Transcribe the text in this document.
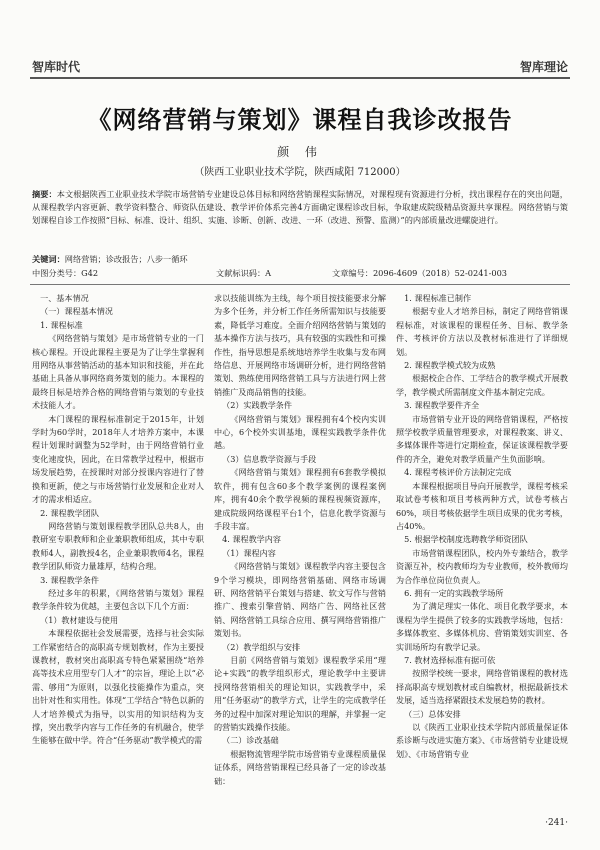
智库时代	智库理论
《网络营销与策划》课程自我诊改报告
颜 伟
（陕西工业职业技术学院，陕西咸阳 712000）
摘要：本文根据陕西工业职业技术学院市场营销专业建设总体目标和网络营销课程实际情况，对课程现有资源进行分析，找出课程存在的突出问题，从课程教学内容更新、教学资料整合、师资队伍建设、教学评价体系完善4方面确定课程诊改目标，争取建成院级精品资源共享课程。网络营销与策划课程自诊工作按照“目标、标准、设计、组织、实施、诊断、创新、改进、一环（改进、预警、监测）”的内部质量改进螺旋进行。
关键词：网络营销；诊改报告；八步一循环
中图分类号：G42	文献标识码：A	文章编号：2096-4609（2018）52-0241-003

一、基本情况

（一）课程基本情况

1. 课程标准

《网络营销与策划》是市场营销专业的一门核心课程。开设此课程主要是为了让学生掌握利用网络从事营销活动的基本知识和技能，并在此基础上具备从事网络商务策划的能力。本课程的最终目标是培养合格的网络营销与策划的专业技术技能人才。

本门课程的课程标准制定于2015年，计划学时为60学时，2018年人才培养方案中，本课程计划课时调整为52学时，由于网络营销行业变化速度快，因此，在日常教学过程中，根据市场发展趋势，在授课时对部分授课内容进行了替换和更新，使之与市场营销行业发展和企业对人才的需求相适应。

2. 课程教学团队

网络营销与策划课程教学团队总共8人，由教研室专职教师和企业兼职教师组成，其中专职教师4人，副教授4名，企业兼职教师4名，课程教学团队师资力量雄厚，结构合理。

3. 课程教学条件

经过多年的积累，《网络营销与策划》课程教学条件较为优越，主要包含以下几个方面：

（1）教材建设与使用

本课程依据社会发展需要，选择与社会实际工作紧密结合的高职高专规划教材，作为主要授课教材，教材突出高职高专特色紧紧围绕“培养高等技术应用型专门人才”的宗旨，理论上以“必需、够用”为原则，以强化技能操作为重点，突出针对性和实用性。体现“工学结合”特色以新的人才培养模式为指导，以实用的知识结构为支撑，突出教学内容与工作任务的有机融合，使学生能够在做中学。符合“任务驱动”教学模式的需

求以技能训练为主线，每个项目按技能要求分解为多个任务，并分析工作任务所需知识与技能要素，降低学习难度。全面介绍网络营销与策划的基本操作方法与技巧，具有较强的实践性和可操作性，指导思想是系统地培养学生收集与发布网络信息、开展网络市场调研分析，进行网络营销策划、熟练使用网络营销工具与方法进行网上营销推广及商品销售的技能。

（2）实践教学条件

《网络营销与策划》课程拥有4个校内实训中心，6个校外实训基地，课程实践教学条件优越。

（3）信息教学资源与手段

《网络营销与策划》课程拥有6套教学模拟软件，拥有包含60多个教学案例的课程案例库，拥有40余个教学视频的课程视频资源库，建成院级网络课程平台1个，信息化教学资源与手段丰富。

4. 课程教学内容

（1）课程内容

《网络营销与策划》课程教学内容主要包含9个学习模块，即网络营销基础、网络市场调研、网络营销平台策划与搭建、软文写作与营销推广、搜索引擎营销、网络广告、网络社区营销、网络营销工具综合应用、撰写网络营销推广策划书。

（2）教学组织与安排

目前《网络营销与策划》课程教学采用“理论+实践”的教学组织形式，理论教学中主要讲授网络营销相关的理论知识，实践教学中，采用“任务驱动”的教学方式，让学生的完成教学任务的过程中加深对理论知识的理解，并掌握一定的营销实践操作技能。

（二）诊改基础

根据物流管理学院市场营销专业课程质量保证体系，网络营销课程已经具备了一定的诊改基础：

1. 课程标准已制作

根据专业人才培养目标，制定了网络营销课程标准，对该课程的课程任务、目标、教学条件、考核评价方法以及教材标准进行了详细规划。

2. 课程教学模式较为成熟

根据校企合作、工学结合的教学模式开展教学，教学模式所需制度文件基本制定完成。

3. 课程教学要件齐全

市场营销专业开设的网络营销课程，严格按照学校教学质量管理要求，对课程教案、讲义、多媒体课件等进行定期检查，保证该课程教学要件的齐全，避免对教学质量产生负面影响。

4. 课程考核评价方法制定完成

本课程根据项目导向开展教学，课程考核采取试卷考核和项目考核两种方式，试卷考核占60%，项目考核依据学生项目成果的优劣考核，占40%。

5. 根据学校制度选聘教学师资团队

市场营销课程团队，校内外专兼结合，教学资源互补，校内教师均为专业教师，校外教师均为合作单位岗位负责人。

6. 拥有一定的实践教学场所

为了满足理实一体化、项目化教学要求，本课程为学生提供了较多的实践教学场地，包括：多媒体教室、多媒体机房、营销策划实训室、各实训场所均有教学记录。

7. 教材选择标准有据可依

按照学校统一要求，网络营销课程的教材选择高职高专规划教材或自编教材，根据最新技术发展，适当选择紧跟技术发展趋势的教材。

（三）总体安排

以《陕西工业职业技术学院内部质量保证体系诊断与改进实施方案》、《市场营销专业建设规划》、《市场营销专业

·241·
